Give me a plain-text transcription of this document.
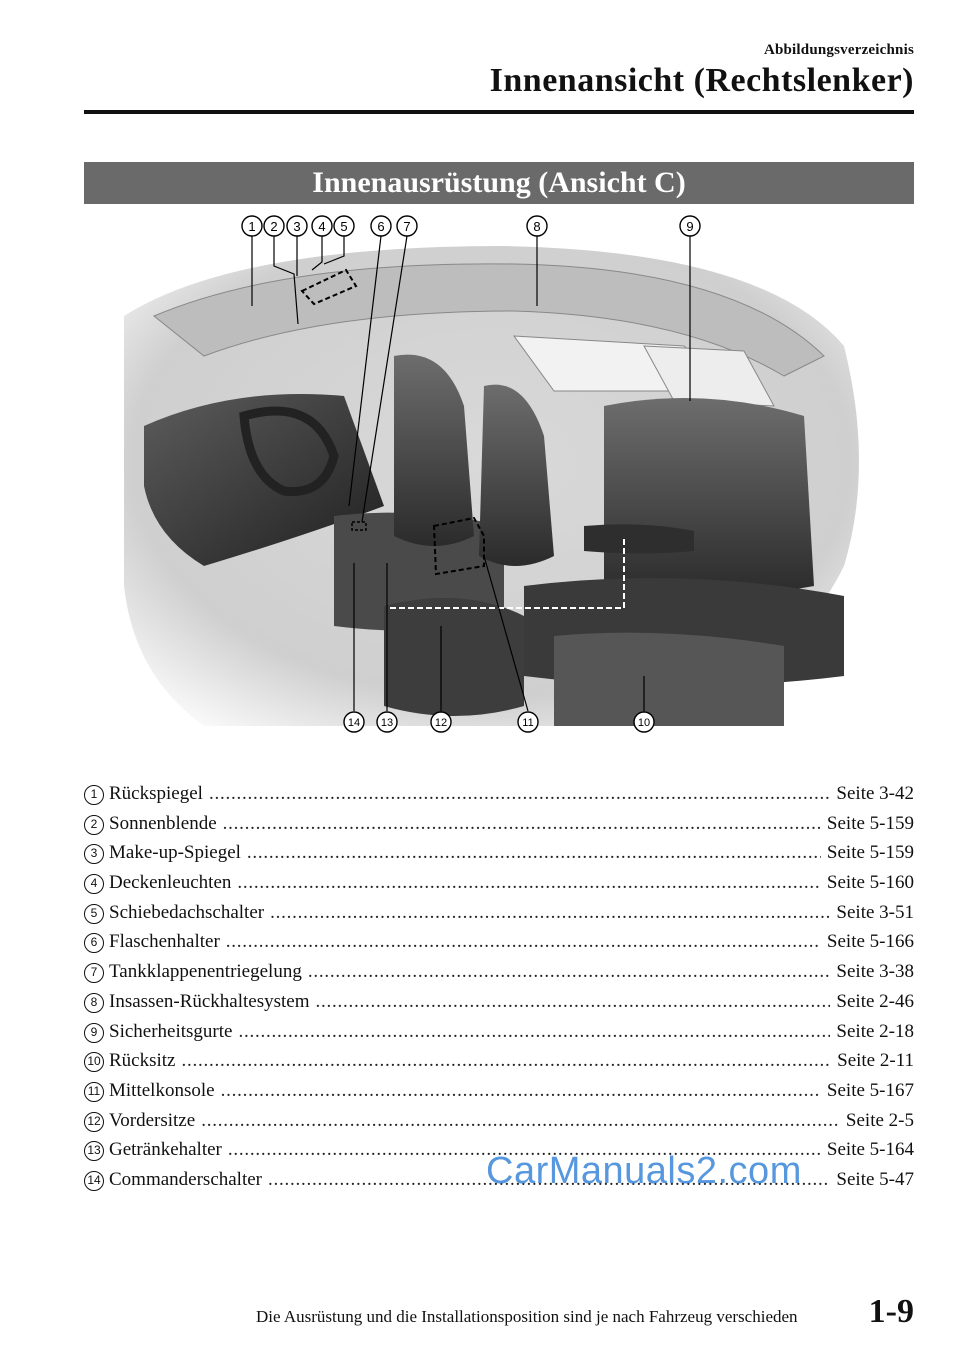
Abbildungsverzeichnis
Innenansicht (Rechtslenker)
Innenausrüstung (Ansicht C)
1 2 3 4 5 6 7	8	9
14 13	12	11	10
1 Rückspiegel . . .	Seite 3-42
2 Sonnenblende . . .	Seite 5-159
3 Make-up-Spiegel . . .	Seite 5-159
4 Deckenleuchten . . .	Seite 5-160
5 Schiebedachschalter . . .	Seite 3-51
6 Flaschenhalter . . .	Seite 5-166
7 Tankklappenentriegelung . . .	Seite 3-38
8 Insassen-Rückhaltesystem . . .	Seite 2-46
9 Sicherheitsgurte . . .	Seite 2-18
10 Rücksitz . . .	Seite 2-11
11 Mittelkonsole . . .	Seite 5-167
12 Vordersitze . . .	Seite 2-5
13 Getränkehalter . . .	Seite 5-164
14 Commanderschalter . . .	Seite 5-47
CarManuals2.com
Die Ausrüstung und die Installationsposition sind je nach Fahrzeug verschieden 1-9
